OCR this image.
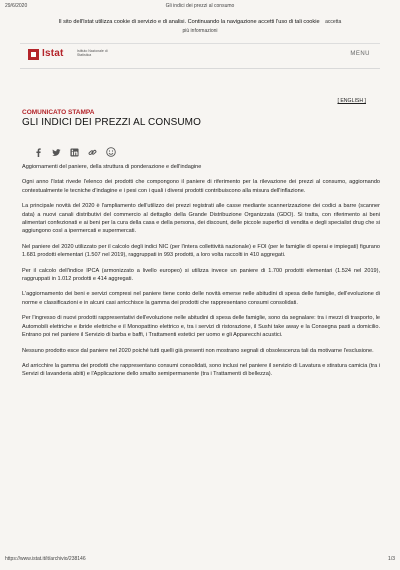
29/6/2020	Gli indici dei prezzi al consumo
Il sito dell'Istat utilizza cookie di servizio e di analisi. Continuando la navigazione accetti l'uso di tali cookie accetta
più informazioni
Istat	Istituto Nazionale di Statistica	MENU
[ ENGLISH ]
COMUNICATO STAMPA
GLI INDICI DEI PREZZI AL CONSUMO

Aggiornamenti del paniere, della struttura di ponderazione e dell'indagine

Ogni anno l'Istat rivede l'elenco dei prodotti che compongono il paniere di riferimento per la rilevazione dei prezzi al consumo, aggiornando contestualmente le tecniche d'indagine e i pesi con i quali i diversi prodotti contribuiscono alla misura dell'inflazione.

La principale novità del 2020 è l'ampliamento dell'utilizzo dei prezzi registrati alle casse mediante scannerizzazione dei codici a barre (scanner data) a nuovi canali distributivi del commercio al dettaglio della Grande Distribuzione Organizzata (GDO). Si tratta, con riferimento ai beni alimentari confezionati e ai beni per la cura della casa e della persona, dei discount, delle piccole superfici di vendita e degli specialist drug che si aggiungono così a ipermercati e supermercati.

Nel paniere del 2020 utilizzato per il calcolo degli indici NIC (per l'intera collettività nazionale) e FOI (per le famiglie di operai e impiegati) figurano 1.681 prodotti elementari (1.507 nel 2019), raggruppati in 993 prodotti, a loro volta raccolti in 410 aggregati.

Per il calcolo dell'indice IPCA (armonizzato a livello europeo) si utilizza invece un paniere di 1.700 prodotti elementari (1.524 nel 2019), raggruppati in 1.012 prodotti e 414 aggregati.

L'aggiornamento dei beni e servizi compresi nel paniere tiene conto delle novità emerse nelle abitudini di spesa delle famiglie, dell'evoluzione di norme e classificazioni e in alcuni casi arricchisce la gamma dei prodotti che rappresentano consumi consolidati.

Per l'ingresso di nuovi prodotti rappresentativi dell'evoluzione nelle abitudini di spesa delle famiglie, sono da segnalare: tra i mezzi di trasporto, le Automobili elettriche e ibride elettriche e il Monopattino elettrico e, tra i servizi di ristorazione, il Sushi take away e la Consegna pasti a domicilio. Entrano poi nel paniere il Servizio di barba e baffi, i Trattamenti estetici per uomo e gli Apparecchi acustici.

Nessuno prodotto esce dal paniere nel 2020 poiché tutti quelli già presenti non mostrano segnali di obsolescenza tali da motivarne l'esclusione.

Ad arricchire la gamma dei prodotti che rappresentano consumi consolidati, sono inclusi nel paniere il servizio di Lavatura e stiratura camicia (tra i Servizi di lavanderia abiti) e l'Applicazione dello smalto semipermanente (tra i Trattamenti di bellezza).

https://www.istat.it/it/archivio/238146	1/3
